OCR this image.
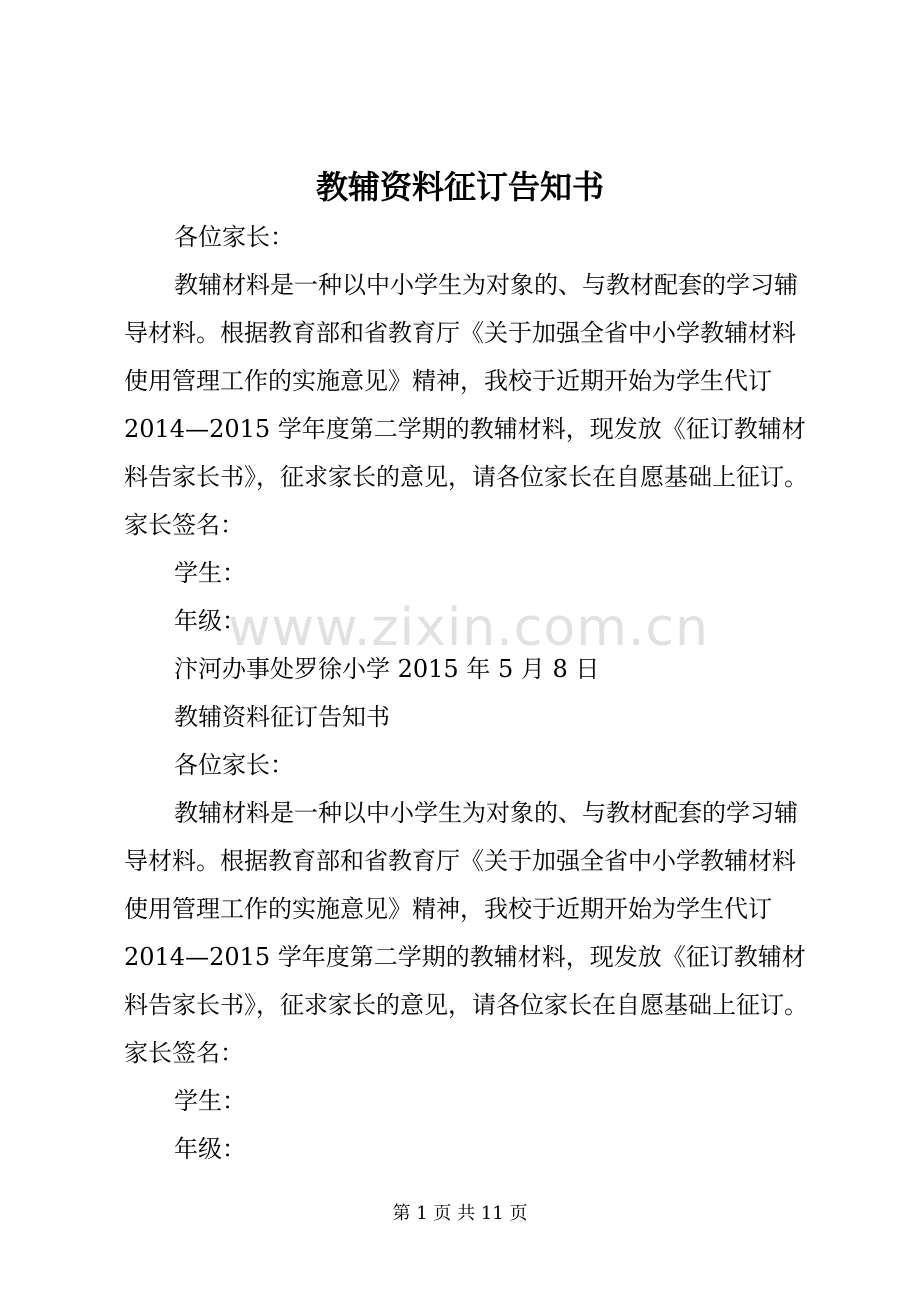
教辅资料征订告知书
各位家长：
教辅材料是一种以中小学生为对象的、与教材配套的学习辅
导材料。根据教育部和省教育厅《关于加强全省中小学教辅材料
使用管理工作的实施意见》精神，我校于近期开始为学生代订
2014—2015 学年度第二学期的教辅材料，现发放《征订教辅材
料告家长书》，征求家长的意见，请各位家长在自愿基础上征订。
家长签名：
学生：
年级：
汴河办事处罗徐小学 2015 年 5 月 8 日
教辅资料征订告知书
各位家长：
教辅材料是一种以中小学生为对象的、与教材配套的学习辅
导材料。根据教育部和省教育厅《关于加强全省中小学教辅材料
使用管理工作的实施意见》精神，我校于近期开始为学生代订
2014—2015 学年度第二学期的教辅材料，现发放《征订教辅材
料告家长书》，征求家长的意见，请各位家长在自愿基础上征订。
家长签名：
学生：
年级：
www.zixin.com.cn
第 1 页 共 11 页
